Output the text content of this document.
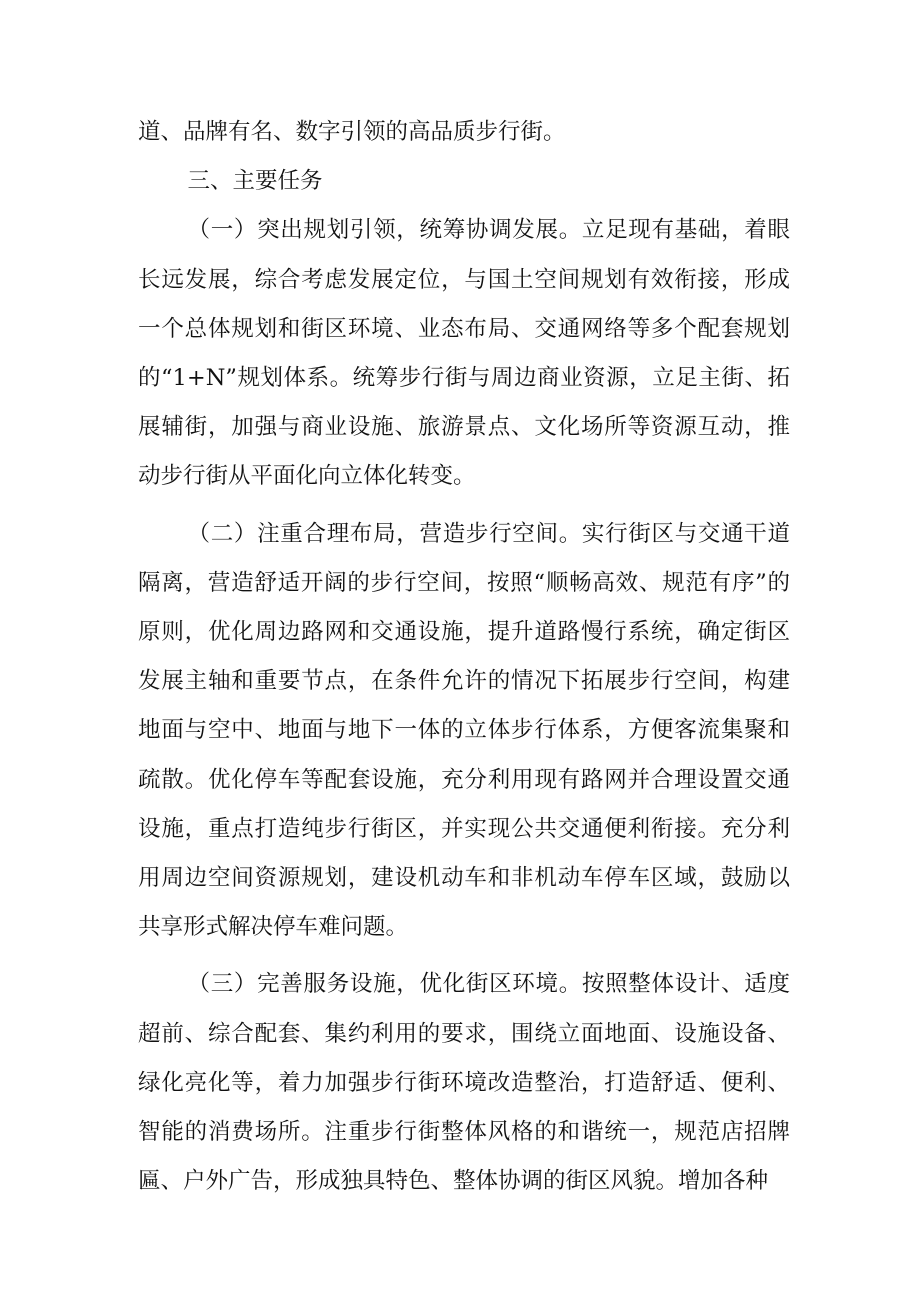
道、品牌有名、数字引领的高品质步行街。

三、主要任务

（一）突出规划引领，统筹协调发展。立足现有基础，着眼长远发展，综合考虑发展定位，与国土空间规划有效衔接，形成一个总体规划和街区环境、业态布局、交通网络等多个配套规划的“1+N”规划体系。统筹步行街与周边商业资源，立足主街、拓展辅街，加强与商业设施、旅游景点、文化场所等资源互动，推动步行街从平面化向立体化转变。

（二）注重合理布局，营造步行空间。实行街区与交通干道隔离，营造舒适开阔的步行空间，按照“顺畅高效、规范有序”的原则，优化周边路网和交通设施，提升道路慢行系统，确定街区发展主轴和重要节点，在条件允许的情况下拓展步行空间，构建地面与空中、地面与地下一体的立体步行体系，方便客流集聚和疏散。优化停车等配套设施，充分利用现有路网并合理设置交通设施，重点打造纯步行街区，并实现公共交通便利衔接。充分利用周边空间资源规划，建设机动车和非机动车停车区域，鼓励以共享形式解决停车难问题。

（三）完善服务设施，优化街区环境。按照整体设计、适度超前、综合配套、集约利用的要求，围绕立面地面、设施设备、绿化亮化等，着力加强步行街环境改造整治，打造舒适、便利、智能的消费场所。注重步行街整体风格的和谐统一，规范店招牌匾、户外广告，形成独具特色、整体协调的街区风貌。增加各种
